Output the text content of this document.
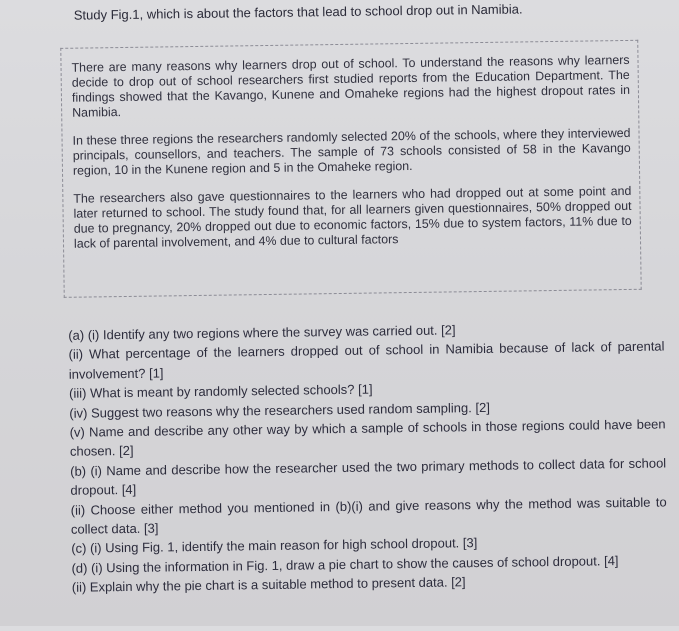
Study Fig.1, which is about the factors that lead to school drop out in Namibia.

There are many reasons why learners drop out of school. To understand the reasons why learners decide to drop out of school researchers first studied reports from the Education Department. The findings showed that the Kavango, Kunene and Omaheke regions had the highest dropout rates in Namibia.

In these three regions the researchers randomly selected 20% of the schools, where they interviewed principals, counsellors, and teachers. The sample of 73 schools consisted of 58 in the Kavango region, 10 in the Kunene region and 5 in the Omaheke region.

The researchers also gave questionnaires to the learners who had dropped out at some point and later returned to school. The study found that, for all learners given questionnaires, 50% dropped out due to pregnancy, 20% dropped out due to economic factors, 15% due to system factors, 11% due to lack of parental involvement, and 4% due to cultural factors

(a) (i) Identify any two regions where the survey was carried out. [2]
(ii) What percentage of the learners dropped out of school in Namibia because of lack of parental involvement? [1]
(iii) What is meant by randomly selected schools? [1]
(iv) Suggest two reasons why the researchers used random sampling. [2]
(v) Name and describe any other way by which a sample of schools in those regions could have been chosen. [2]
(b) (i) Name and describe how the researcher used the two primary methods to collect data for school dropout. [4]
(ii) Choose either method you mentioned in (b)(i) and give reasons why the method was suitable to collect data. [3]
(c) (i) Using Fig. 1, identify the main reason for high school dropout. [3]
(d) (i) Using the information in Fig. 1, draw a pie chart to show the causes of school dropout. [4]
(ii) Explain why the pie chart is a suitable method to present data. [2]
